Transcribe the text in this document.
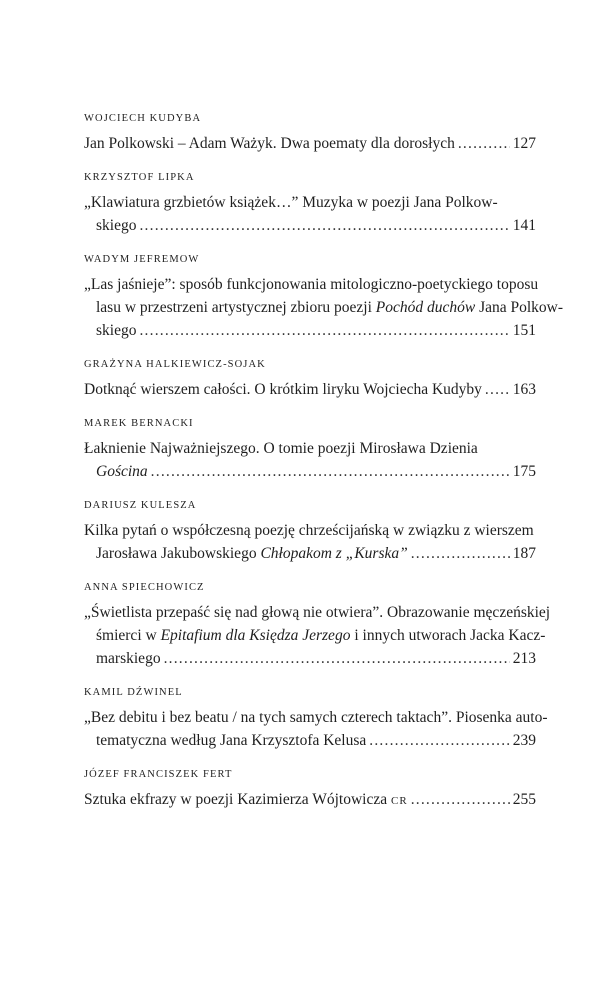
WOJCIECH KUDYBA
Jan Polkowski – Adam Ważyk. Dwa poematy dla dorosłych .....	127
KRZYSZTOF LIPKA
„Klawiatura grzbietów książek…” Muzyka w poezji Jana Polkow-
skiego .....	141
WADYM JEFREMOW
„Las jaśnieje”: sposób funkcjonowania mitologiczno-poetyckiego toposu
lasu w przestrzeni artystycznej zbioru poezji
Pochód duchów
Jana Polkow-
skiego .....	151
GRAŻYNA HALKIEWICZ-SOJAK
Dotknąć wierszem całości. O krótkim liryku Wojciecha Kudyby ..... 163
MAREK BERNACKI
Łaknienie Najważniejszego. O tomie poezji Mirosława Dzienia
Gościna .....	175
DARIUSZ KULESZA
Kilka pytań o współczesną poezję chrześcijańską w związku z wierszem
Jarosława Jakubowskiego
Chłopakom z „Kurska” .....	187
ANNA SPIECHOWICZ
„Świetlista przepaść się nad głową nie otwiera”. Obrazowanie męczeńskiej
śmierci w
Epitafium dla Księdza Jerzego
i innych utworach Jacka Kacz-
marskiego .....	213
KAMIL DŹWINEL
„Bez debitu i bez beatu / na tych samych czterech taktach”. Piosenka auto-
tematyczna według Jana Krzysztofa Kelusa .....	239
JÓZEF FRANCISZEK FERT
Sztuka ekfrazy w poezji Kazimierza Wójtowicza
CR .....	255
